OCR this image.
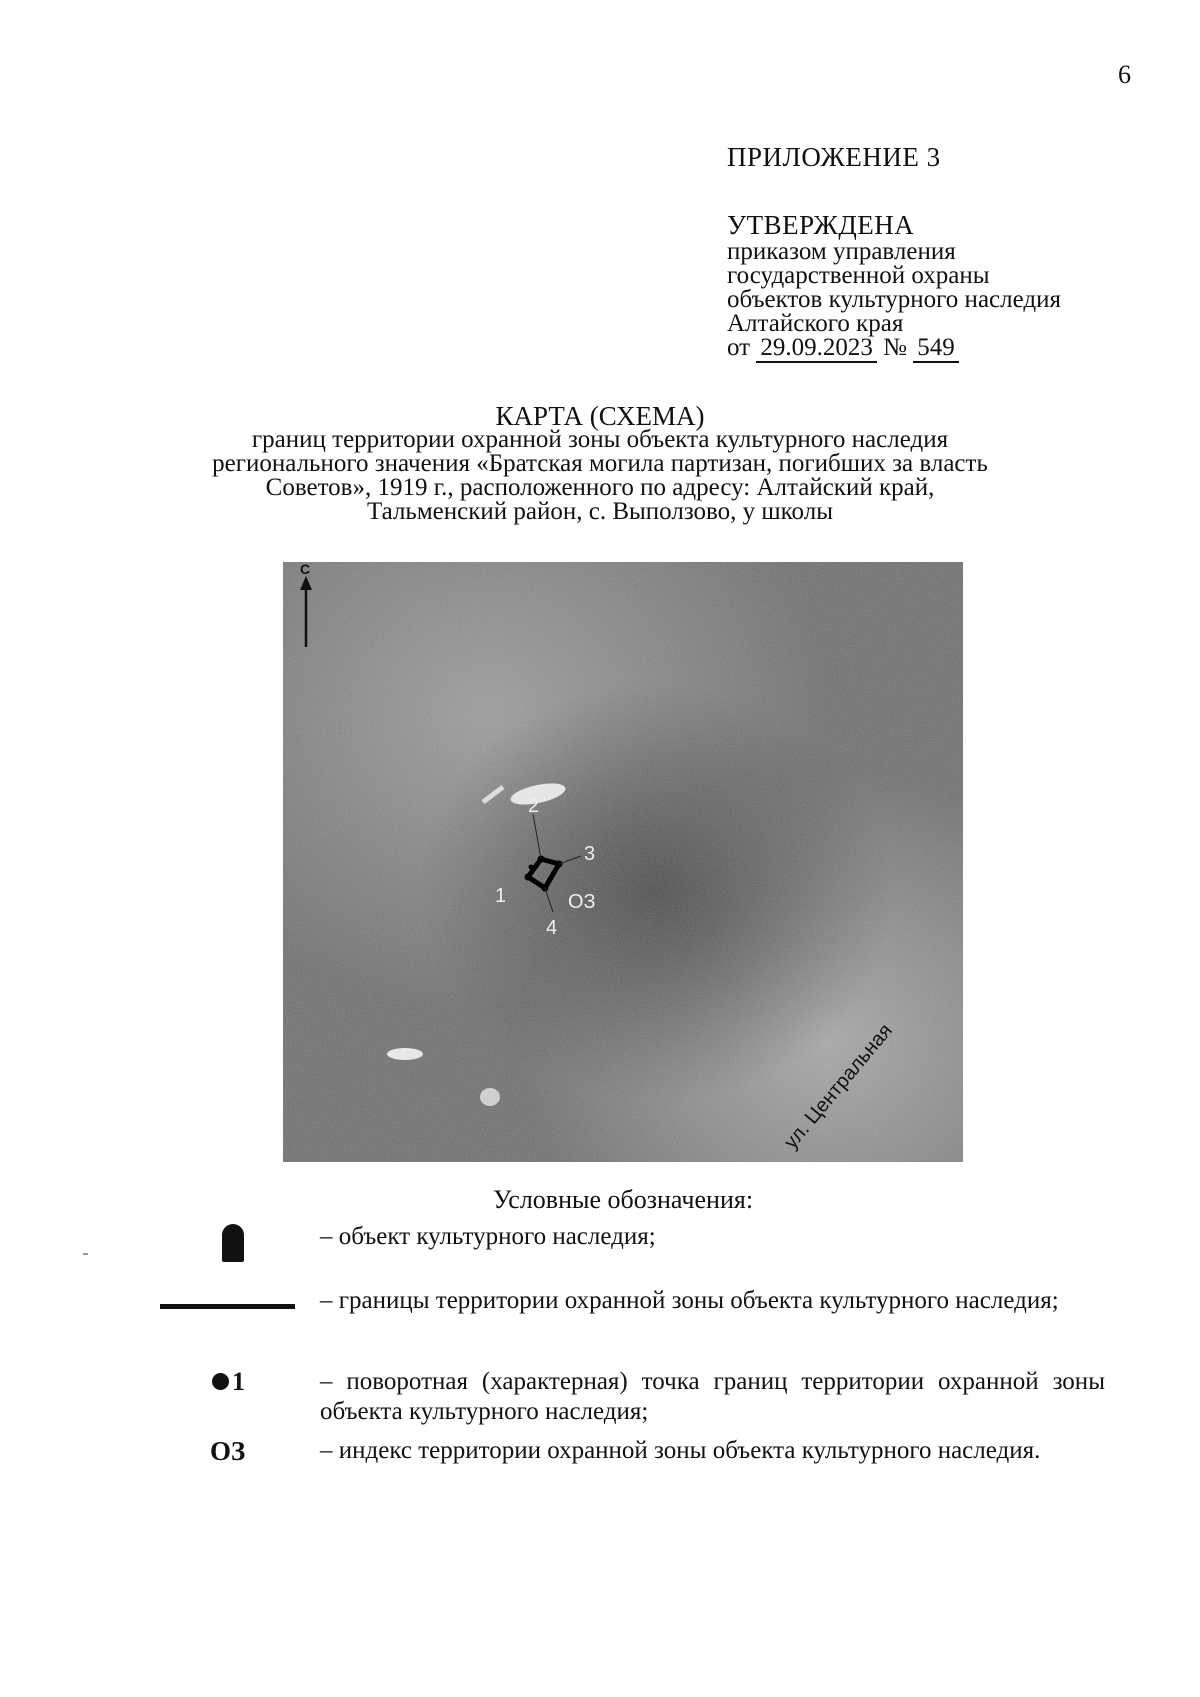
6
ПРИЛОЖЕНИЕ 3
УТВЕРЖДЕНА
приказом управления
государственной охраны
объектов культурного наследия
Алтайского края
от 29.09.2023 № 549
КАРТА (СХЕМА)
границ территории охранной зоны объекта культурного наследия
регионального значения «Братская могила партизан, погибших за власть
Советов», 1919 г., расположенного по адресу: Алтайский край,
Тальменский район, с. Выползово, у школы
С
1
2
3
4
ОЗ
ул. Центральная
Условные обозначения:
– объект культурного наследия;
– границы территории охранной зоны объекта культурного наследия;
1	– поворотная (характерная) точка границ территории охранной зоны объекта культурного наследия;
ОЗ	– индекс территории охранной зоны объекта культурного наследия.
